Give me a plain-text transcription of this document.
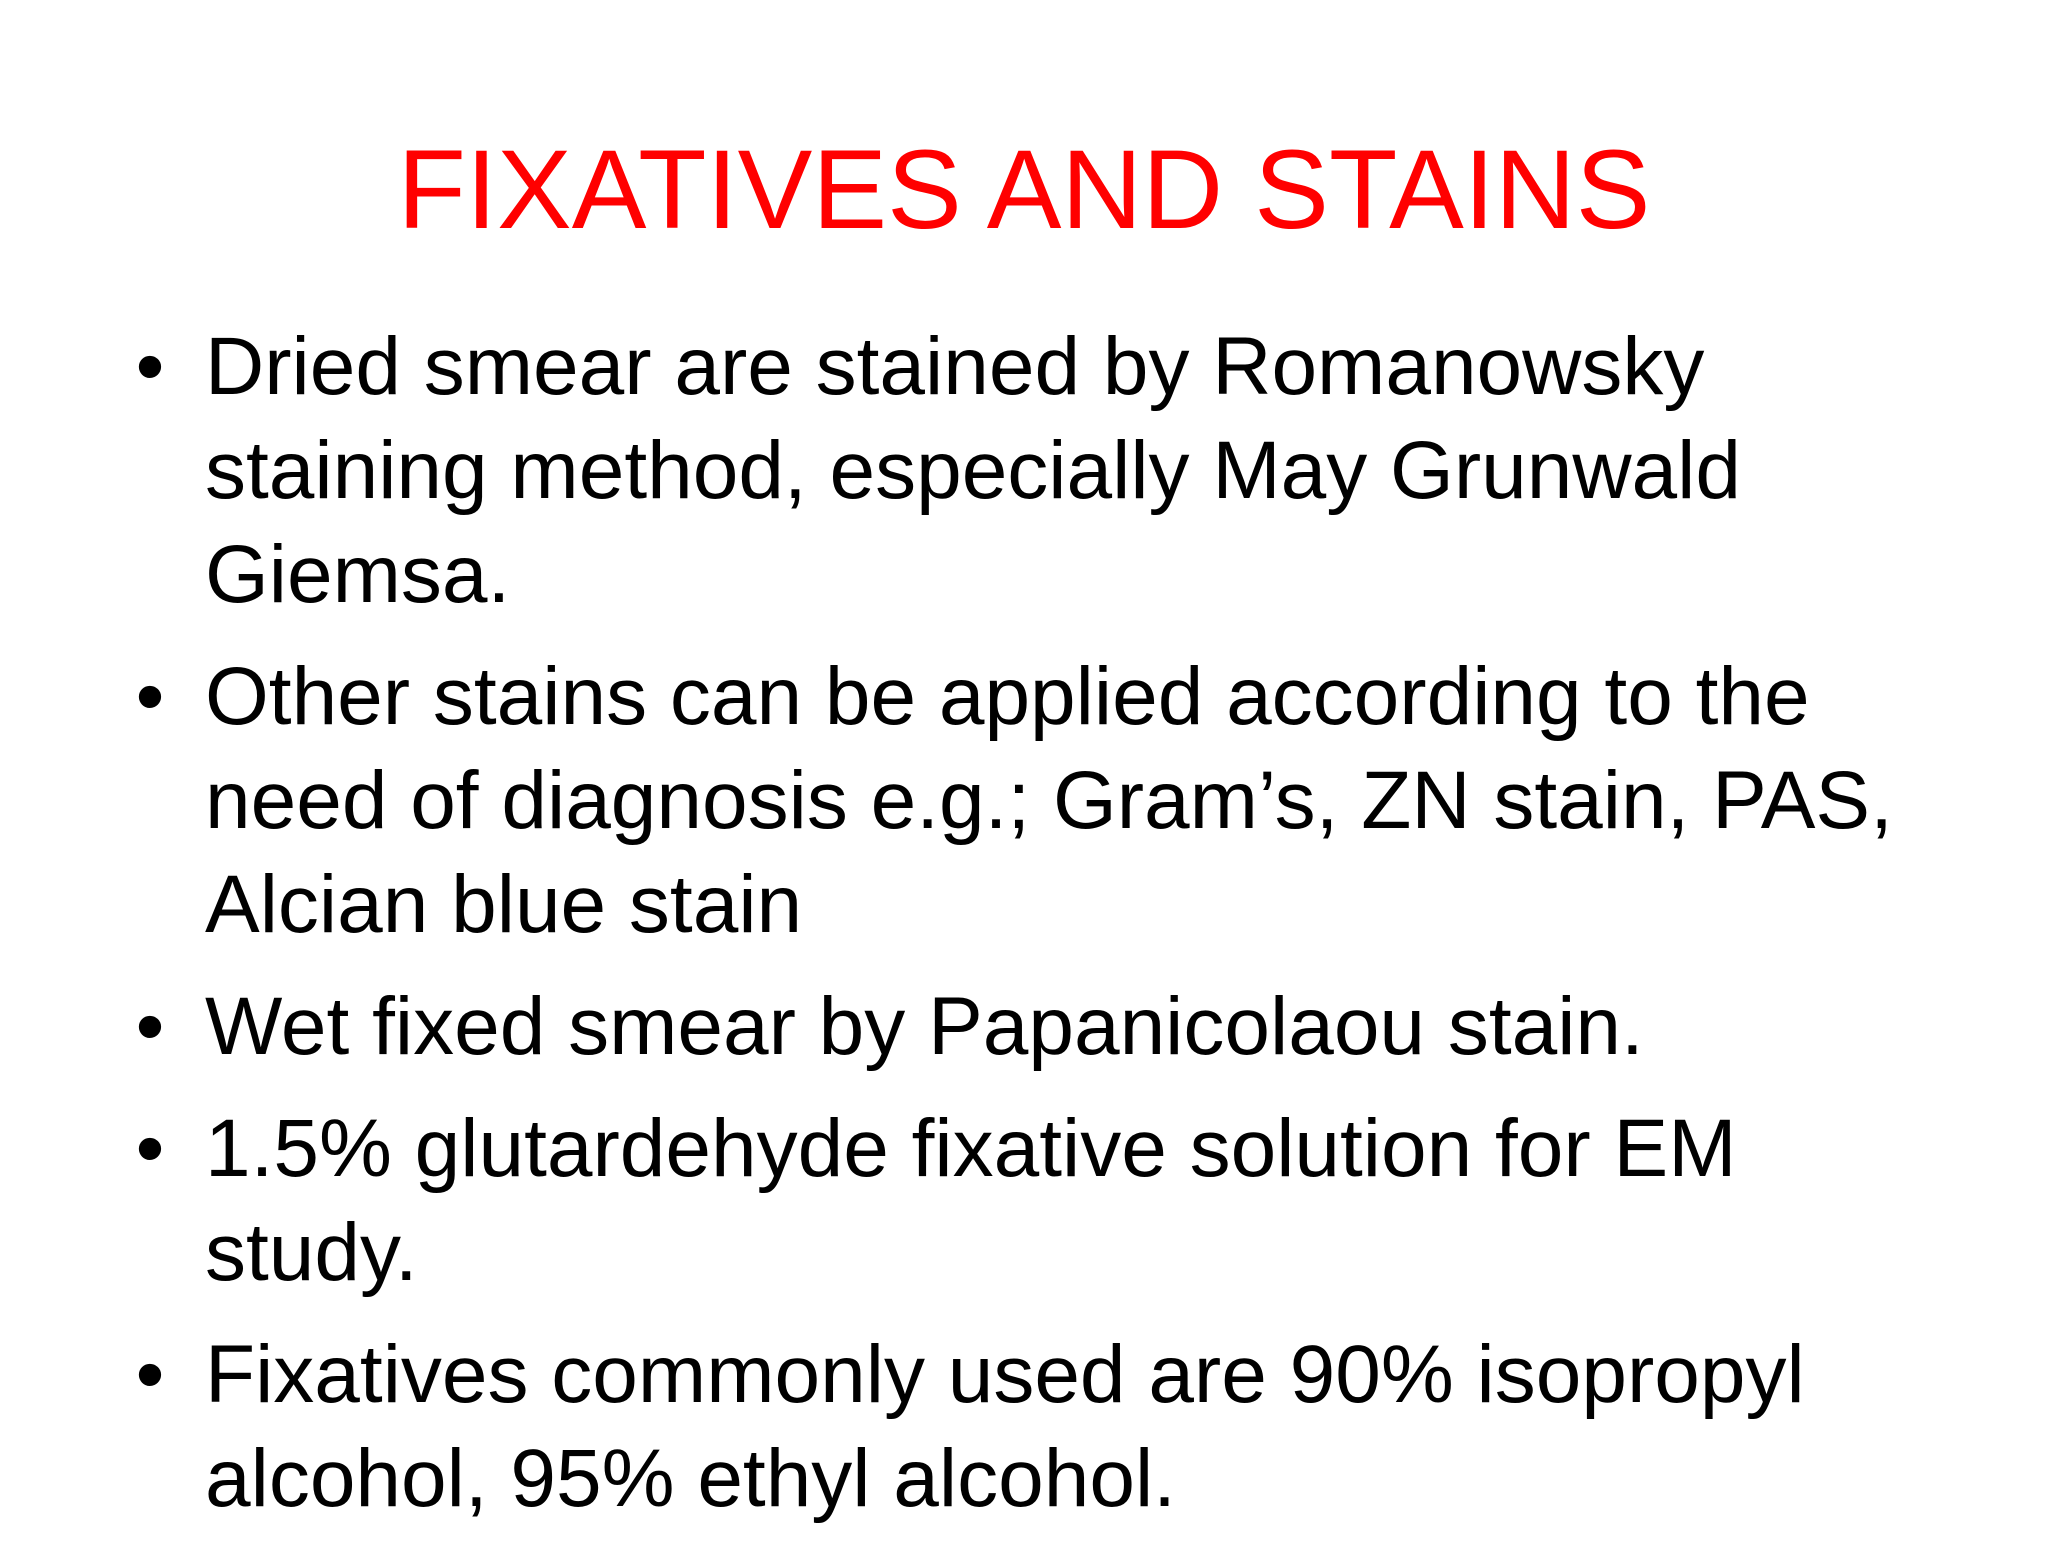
FIXATIVES AND STAINS
• Dried smear are stained by Romanowsky staining method, especially May Grunwald Giemsa.
• Other stains can be applied according to the need of diagnosis e.g.; Gram’s, ZN stain, PAS, Alcian blue stain
• Wet fixed smear by Papanicolaou stain.
• 1.5% glutardehyde fixative solution for EM study.
• Fixatives commonly used are 90% isopropyl alcohol, 95% ethyl alcohol.
